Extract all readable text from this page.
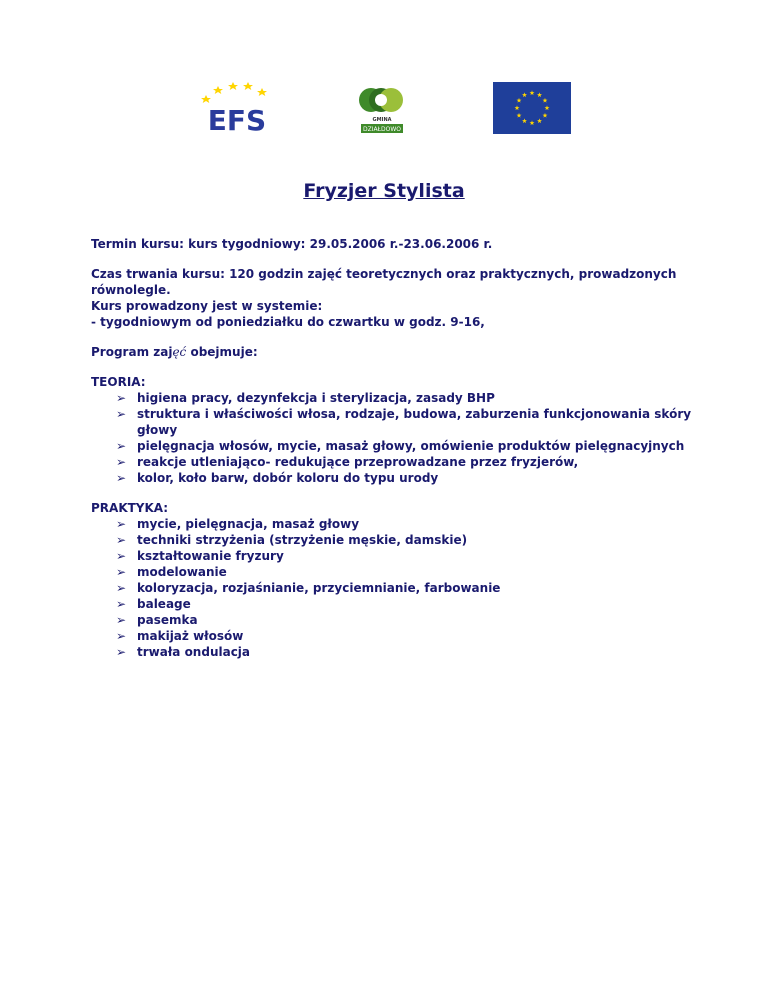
EFS	GMINA
DZIAŁDOWO
Fryzjer Stylista

Termin kursu: kurs tygodniowy: 29.05.2006 r.-23.06.2006 r.

Czas trwania kursu: 120 godzin zajęć teoretycznych oraz praktycznych, prowadzonych równolegle.

Kurs prowadzony jest w systemie:

- tygodniowym od poniedziałku do czwartku w godz. 9-16,

Program zajęć obejmuje:

TEORIA:

➢ higiena pracy, dezynfekcja i sterylizacja, zasady BHP
➢ struktura i właściwości włosa, rodzaje, budowa, zaburzenia funkcjonowania skóry głowy
➢ pielęgnacja włosów, mycie, masaż głowy, omówienie produktów pielęgnacyjnych
➢ reakcje utleniająco- redukujące przeprowadzane przez fryzjerów,
➢ kolor, koło barw, dobór koloru do typu urody

PRAKTYKA:

➢ mycie, pielęgnacja, masaż głowy
➢ techniki strzyżenia (strzyżenie męskie, damskie)
➢ kształtowanie fryzury
➢ modelowanie
➢ koloryzacja, rozjaśnianie, przyciemnianie, farbowanie
➢ baleage
➢ pasemka
➢ makijaż włosów
➢ trwała ondulacja
